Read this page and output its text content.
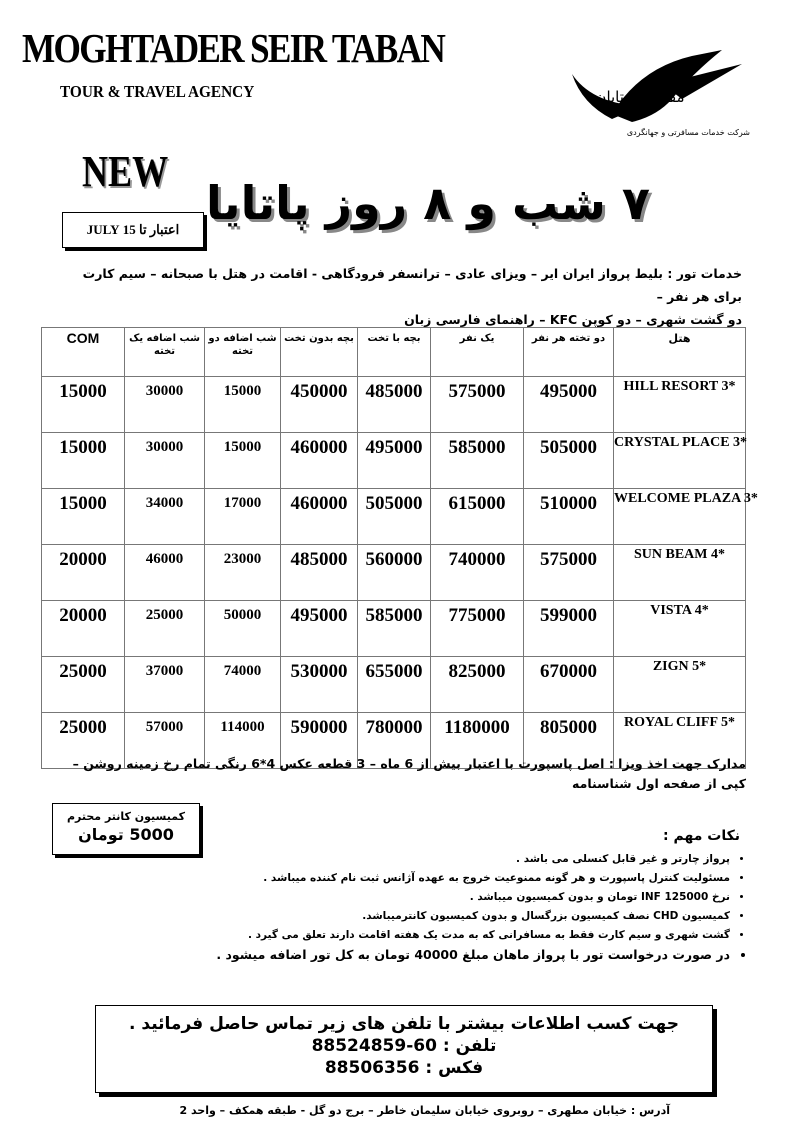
MOGHTADER SEIR TABAN
TOUR & TRAVEL AGENCY	مقتدرسیرتابان
شرکت خدمات مسافرتی و جهانگردی
NEW
اعتبار تا 15 JULY ۷ شب و ۸ روز پاتایا
خدمات تور : بلیط پرواز ایران ایر – ویزای عادی – ترانسفر فرودگاهی - اقامت در هتل با صبحانه – سیم کارت برای هر نفر –
دو گشت شهری – دو کوپن KFC – راهنمای فارسی زبان
COM	شب اضافه یک تخته	شب اضافه دو تخته	بچه بدون تخت	بچه با تخت	یک نفر	دو تخته هر نفر	هتل
15000	30000	15000	450000	485000	575000	495000	HILL RESORT 3*
15000	30000	15000	460000	495000	585000	505000	CRYSTAL PLACE 3*
15000	34000	17000	460000	505000	615000	510000	WELCOME PLAZA 3*
20000	46000	23000	485000	560000	740000	575000	SUN BEAM 4*
20000	25000	50000	495000	585000	775000	599000	VISTA 4*
25000	37000	74000	530000	655000	825000	670000	ZIGN 5*
25000	57000	114000	590000	780000	1180000	805000	ROYAL CLIFF 5*
مدارک جهت اخذ ویزا : اصل پاسپورت با اعتبار بیش از 6 ماه – 3 قطعه عکس 4*6 رنگی تمام رخ زمینه روشن – کپی از صفحه اول شناسنامه
کمیسیون کانتر محترم
5000 تومان	نکات مهم :
• پرواز چارتر و غیر قابل کنسلی می باشد .
• مسئولیت کنترل پاسپورت و هر گونه ممنوعیت خروج به عهده آژانس ثبت نام کننده میباشد .
• نرخ INF 125000 تومان و بدون کمیسیون میباشد .
• کمیسیون CHD نصف کمیسیون بزرگسال و بدون کمیسیون کانترمیباشد.
• گشت شهری و سیم کارت فقط به مسافرانی که به مدت یک هفته اقامت دارند تعلق می گیرد .
• در صورت درخواست تور با پرواز ماهان مبلغ 40000 تومان به کل تور اضافه میشود .
جهت کسب اطلاعات بیشتر با تلفن های زیر تماس حاصل فرمائید .
تلفن : 60-88524859
فکس : 88506356
آدرس : خیابان مطهری – روبروی خیابان سلیمان خاطر – برج دو گل - طبقه همکف – واحد 2
